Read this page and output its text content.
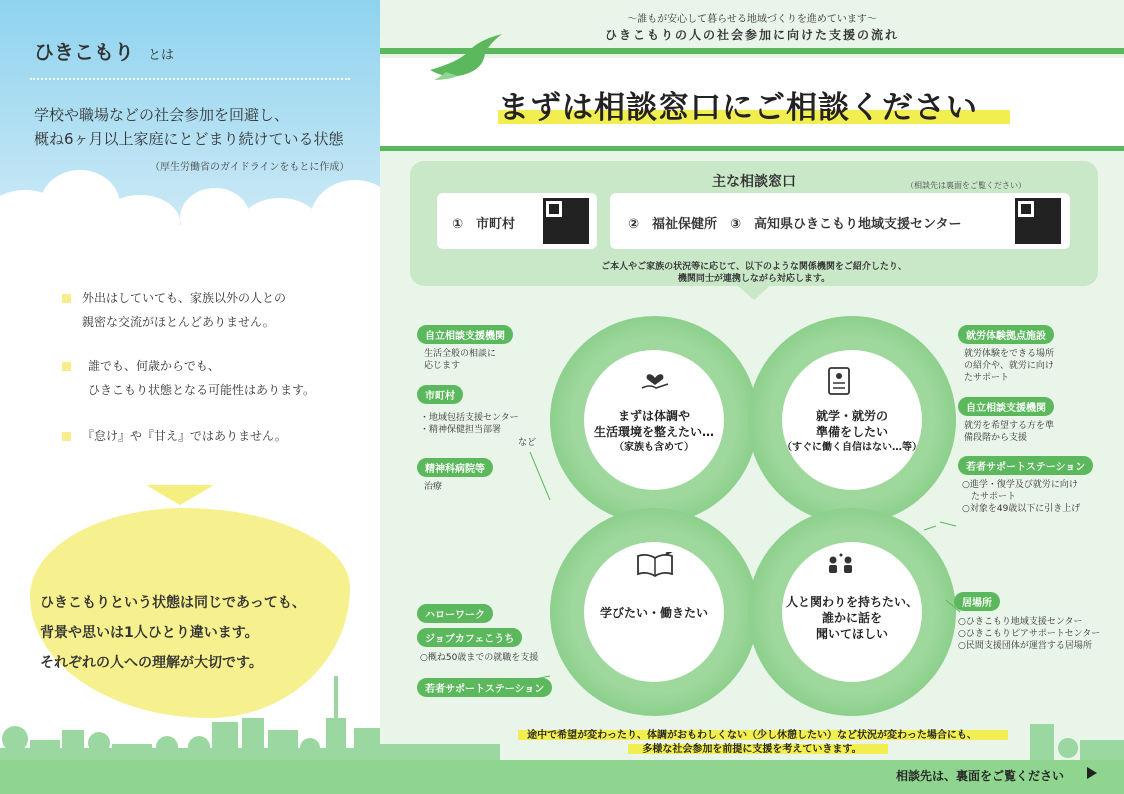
ひきこもり とは
学校や職場などの社会参加を回避し、
概ね6ヶ月以上家庭にとどまり続けている状態
（厚生労働省のガイドラインをもとに作成）
外出はしていても、家族以外の人との
親密な交流がほとんどありません。
誰でも、何歳からでも、
ひきこもり状態となる可能性はあります。
『怠け』や『甘え』ではありません。
ひきこもりという状態は同じであっても、
背景や思いは1人ひとり違います。
それぞれの人への理解が大切です。
～誰もが安心して暮らせる地域づくりを進めています～
ひきこもりの人の社会参加に向けた支援の流れ
まずは相談窓口にご相談ください
主な相談窓口	（相談先は裏面をご覧ください）
①　市町村	②　福祉保健所　③　高知県ひきこもり地域支援センター
ご本人やご家族の状況等に応じて、以下のような関係機関をご紹介したり、
機関同士が連携しながら対応します。
まずは体調や
生活環境を整えたい…
（家族も含めて）
就学・就労の
準備をしたい
（すぐに働く自信はない…等）
学びたい・働きたい
人と関わりを持ちたい、
誰かに話を
聞いてほしい
自立相談支援機関
生活全般の相談に
応じます
市町村
・地域包括支援センター
・精神保健担当部署
など
精神科病院等
治療
ハローワーク
ジョブカフェこうち
○概ね50歳までの就職を支援
若者サポートステーション
就労体験拠点施設
就労体験をできる場所
の紹介や、就労に向け
たサポート
自立相談支援機関
就労を希望する方を準
備段階から支援
若者サポートステーション
○進学・復学及び就労に向け
　たサポート
○対象を49歳以下に引き上げ
居場所
○ひきこもり地域支援センター
○ひきこもりピアサポートセンター
○民間支援団体が運営する居場所
途中で希望が変わったり、体調がおもわしくない（少し休憩したい）など状況が変わった場合にも、
多様な社会参加を前提に支援を考えていきます。
相談先は、裏面をご覧ください
